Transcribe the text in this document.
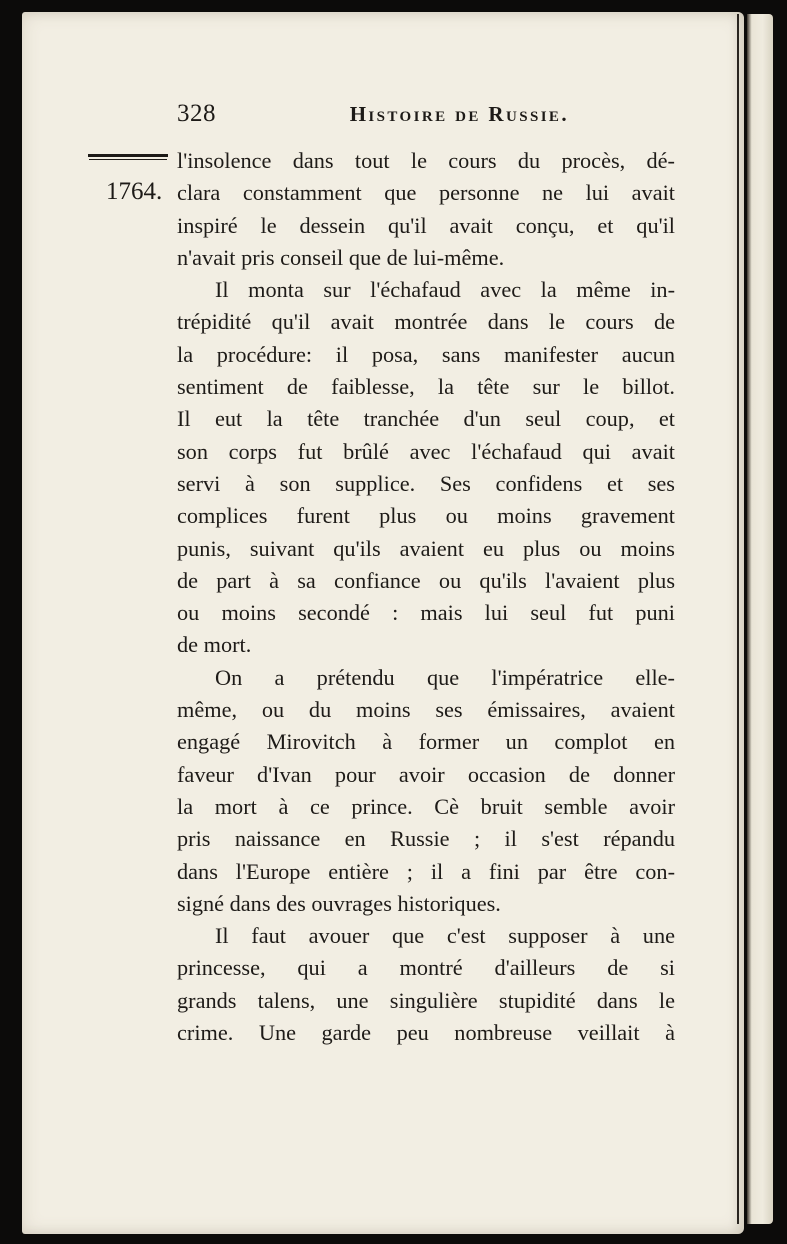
328	Histoire de Russie.
1764.
l'insolence dans tout le cours du procès, dé-
clara constamment que personne ne lui avait
inspiré le dessein qu'il avait conçu, et qu'il
n'avait pris conseil que de lui-même.
Il monta sur l'échafaud avec la même in-
trépidité qu'il avait montrée dans le cours de
la procédure: il posa, sans manifester aucun
sentiment de faiblesse, la tête sur le billot.
Il eut la tête tranchée d'un seul coup, et
son corps fut brûlé avec l'échafaud qui avait
servi à son supplice. Ses confidens et ses
complices furent plus ou moins gravement
punis, suivant qu'ils avaient eu plus ou moins
de part à sa confiance ou qu'ils l'avaient plus
ou moins secondé : mais lui seul fut puni
de mort.
On a prétendu que l'impératrice elle-
même, ou du moins ses émissaires, avaient
engagé Mirovitch à former un complot en
faveur d'Ivan pour avoir occasion de donner
la mort à ce prince. Cè bruit semble avoir
pris naissance en Russie ; il s'est répandu
dans l'Europe entière ; il a fini par être con-
signé dans des ouvrages historiques.
Il faut avouer que c'est supposer à une
princesse, qui a montré d'ailleurs de si
grands talens, une singulière stupidité dans le
crime. Une garde peu nombreuse veillait à
